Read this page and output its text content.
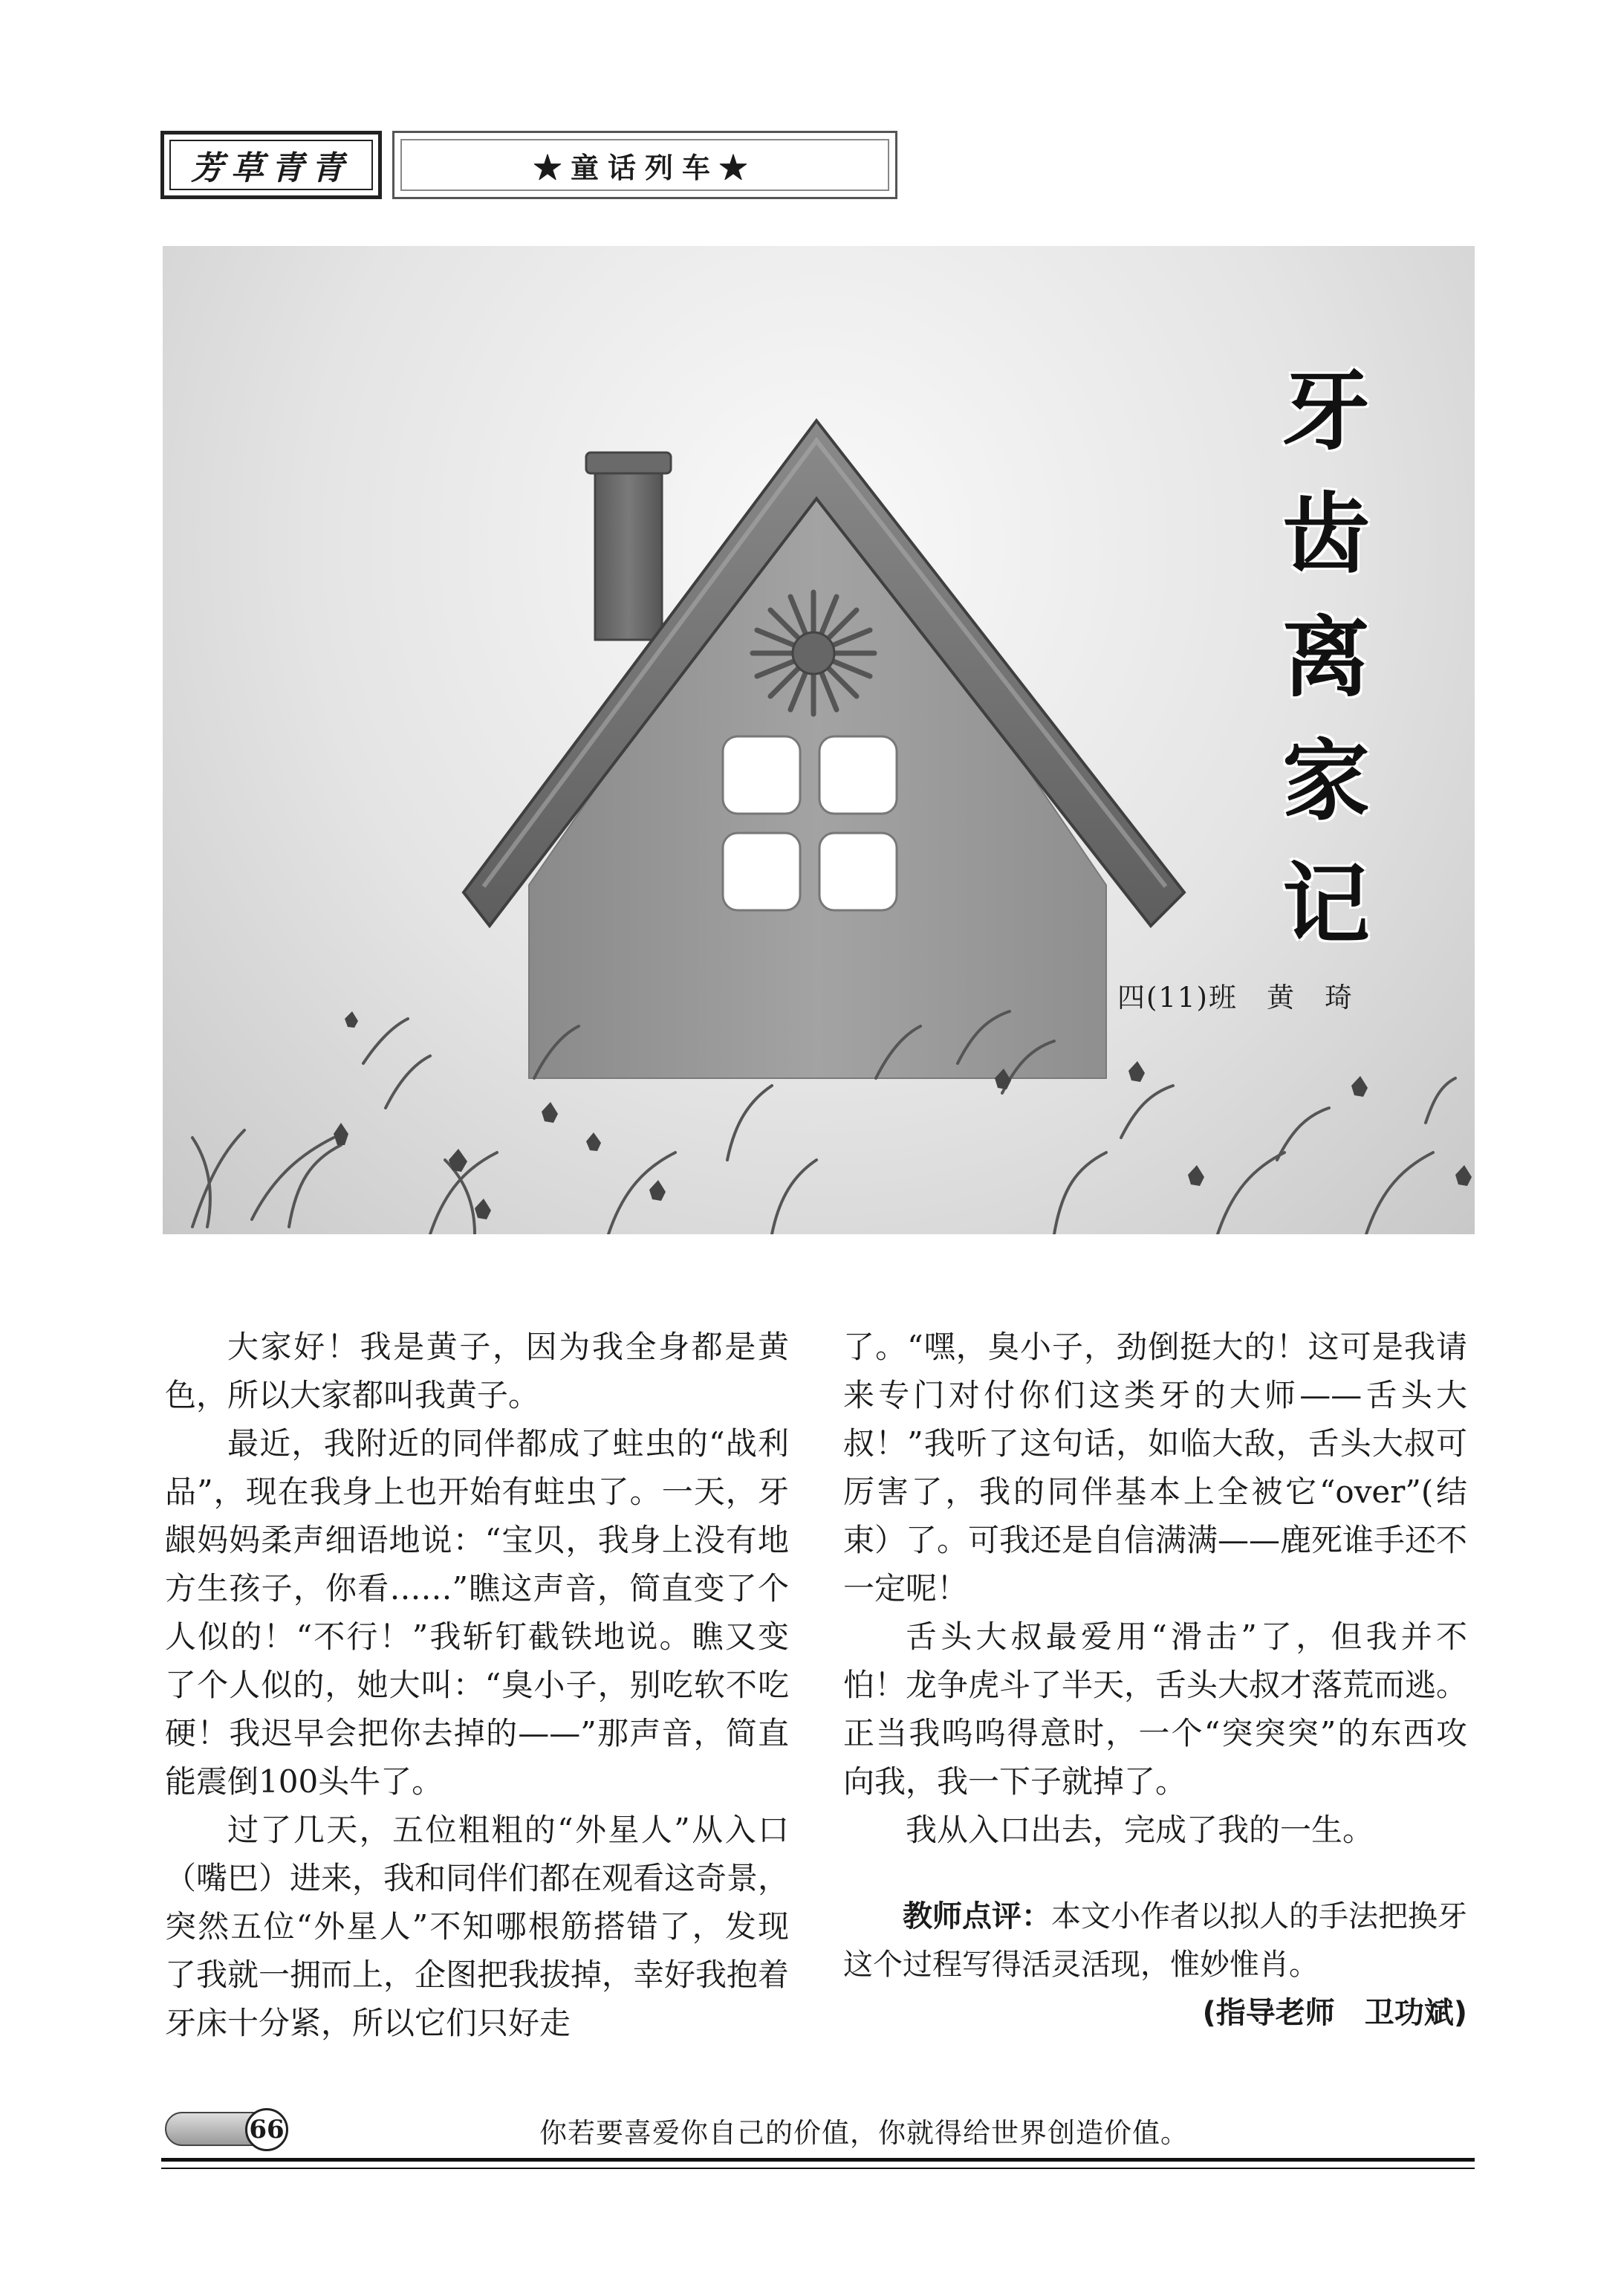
芳草青青	★童话列车★
牙
齿
离
家
记
四(11)班　黄　琦

大家好！我是黄子，因为我全身都是黄色，所以大家都叫我黄子。

最近，我附近的同伴都成了蛀虫的“战利品”，现在我身上也开始有蛀虫了。一天，牙龈妈妈柔声细语地说：“宝贝，我身上没有地方生孩子，你看……”瞧这声音，简直变了个人似的！“不行！”我斩钉截铁地说。瞧又变了个人似的，她大叫：“臭小子，别吃软不吃硬！我迟早会把你去掉的——”那声音，简直能震倒100头牛了。

过了几天，五位粗粗的“外星人”从入口（嘴巴）进来，我和同伴们都在观看这奇景，突然五位“外星人”不知哪根筋搭错了，发现了我就一拥而上，企图把我拔掉，幸好我抱着牙床十分紧，所以它们只好走

了。“嘿，臭小子，劲倒挺大的！这可是我请来专门对付你们这类牙的大师——舌头大叔！”我听了这句话，如临大敌，舌头大叔可厉害了，我的同伴基本上全被它“over”(结束）了。可我还是自信满满——鹿死谁手还不一定呢！

舌头大叔最爱用“滑击”了，但我并不怕！龙争虎斗了半天，舌头大叔才落荒而逃。正当我呜呜得意时，一个“突突突”的东西攻向我，我一下子就掉了。

我从入口出去，完成了我的一生。

教师点评：本文小作者以拟人的手法把换牙这个过程写得活灵活现，惟妙惟肖。

(指导老师　卫功斌)

66	你若要喜爱你自己的价值，你就得给世界创造价值。
